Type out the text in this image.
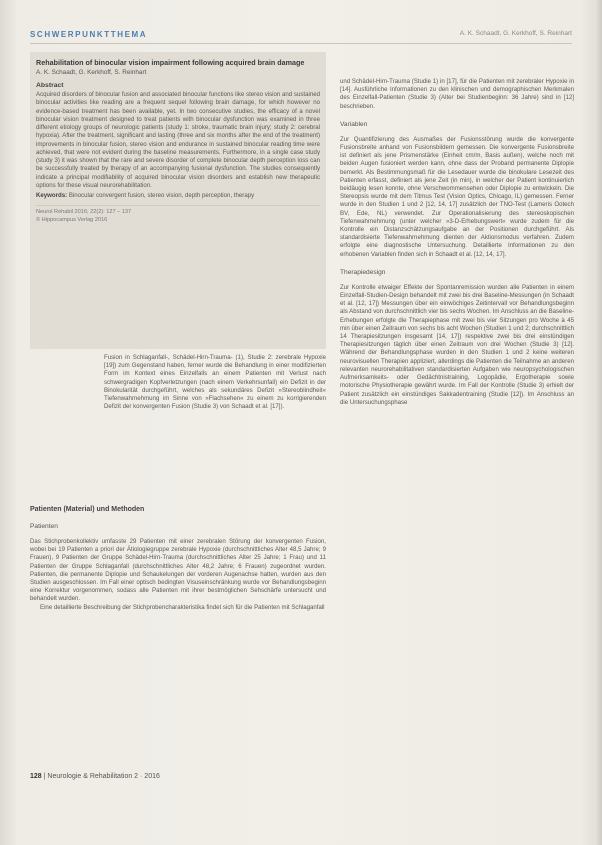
SCHWERPUNKTTHEMA	A. K. Schaadt, G. Kerkhoff, S. Reinhart
Rehabilitation of binocular vision impairment following acquired brain damage
A. K. Schaadt, G. Kerkhoff, S. Reinhart
Abstract
Acquired disorders of binocular fusion and associated binocular functions like stereo vision and sustained binocular activities like reading are a frequent sequel following brain damage, for which however no evidence-based treatment has been available, yet. In two consecutive studies, the efficacy of a novel binocular vision treatment designed to treat patients with binocular dysfunction was examined in three different etiology groups of neurologic patients (study 1: stroke, traumatic brain injury; study 2: cerebral hypoxia). After the treatment, significant and lasting (three and six months after the end of the treatment) improvements in binocular fusion, stereo vision and endurance in sustained binocular reading time were achieved, that were not evident during the baseline measurements. Furthermore, in a single case study (study 3) it was shown that the rare and severe disorder of complete binocular depth perception loss can be successfully treated by therapy of an accompanying fusional dysfunction. The studies consequently indicate a principal modifiability of acquired binocular vision disorders and establish new therapeutic options for these visual neurorehabilitation.
Keywords: Binocular convergent fusion, stereo vision, depth perception, therapy
Neurol Rehabil 2016; 22(2): 127 – 137
© Hippocampus Verlag 2016
Fusion in Schlaganfall-, Schädel-Hirn-Trauma- (1), Studie 2: zerebrale Hypoxie [19]) zum Gegenstand haben, ferner wurde die Behandlung in einer modifizierten Form im Kontext eines Einzelfalls an einem Patienten mit Verlust nach schwergradigen Kopfverletzungen (nach einem Verkehrsunfall) ein Defizit in der Binokularität durchgeführt, welches als sekundäres Defizit »Stereoblindheit« Tiefenwahrnehmung im Sinne von »Flachsehen« zu einem zu korrigierenden Defizit der konvergenten Fusion (Studie 3) von Schaadt et al. [17]).
Patienten (Material) und Methoden
Patienten
Das Stichprobenkollektiv umfasste 29 Patienten mit einer zerebralen Störung der konvergenten Fusion, wobei bei 19 Patienten a priori der Ätiologiegruppe zerebrale Hypoxie (durchschnittliches Alter 48,5 Jahre; 9 Frauen), 9 Patienten der Gruppe Schädel-Hirn-Trauma (durchschnittliches Alter 25 Jahre; 1 Frau) und 11 Patienten der Gruppe Schlaganfall (durchschnittliches Alter 48,2 Jahre; 6 Frauen) zugeordnet wurden. Patienten, die permanente Diplopie und Schaukelungen der vorderen Augenachse hatten, wurden aus den Studien ausgeschlossen. Im Fall einer optisch bedingten Visuseinschränkung wurde vor Behandlungsbeginn eine Korrektur vorgenommen, sodass alle Patienten mit ihrer bestmöglichen Sehschärfe untersucht und behandelt wurden.
Eine detaillierte Beschreibung der Stichprobencharakteristika findet sich für die Patienten mit Schlaganfall
und Schädel-Hirn-Trauma (Studie 1) in [17], für die Patienten mit zerebraler Hypoxie in [14]. Ausführliche Informationen zu den klinischen und demographischen Merkmalen des Einzelfall-Patienten (Studie 3) (Alter bei Studienbeginn: 36 Jahre) sind in [12] beschrieben.
Variablen
Zur Quantifizierung des Ausmaßes der Fusionsstörung wurde die konvergente Fusionsbreite anhand von Fusionsbildern gemessen. Die konvergente Fusionsbreite ist definiert als jene Prismenstärke (Einheit cm/m, Basis außen), welche noch mit beiden Augen fusioniert werden kann, ohne dass der Proband permanente Diplopie bemerkt. Als Bestimmungsmaß für die Lesedauer wurde die binokulare Lesezeit des Patienten erfasst, definiert als jene Zeit (in min), in welcher der Patient kontinuierlich beidäugig lesen konnte, ohne Verschwommensehen oder Diplopie zu entwickeln. Die Stereopsis wurde mit dem Titmus Test (Vision Optics, Chicago, IL) gemessen. Ferner wurde in den Studien 1 und 2 [12, 14, 17] zusätzlich der TNO-Test (Lameris Ootech BV, Ede, NL) verwendet. Zur Operationalisierung des stereoskopischen Tiefenwahrnehmung (unter welcher »3-D-Erhebungswert« wurde zudem für die Kontrolle ein Distanzschätzungsaufgabe an der Positionen durchgeführt. Als standardisierte Tiefenwahrnehmung dienten der Aktionsmodus verfahren. Zudem erfolgte eine diagnostische Untersuchung. Detaillierte Informationen zu den erhobenen Variablen finden sich in Schaadt et al. [12, 14, 17].
Therapiedesign
Zur Kontrolle etwaiger Effekte der Spontanremission wurden alle Patienten in einem Einzelfall-Studien-Design behandelt mit zwei bis drei Baseline-Messungen (in Schaadt et al. [12, 17]) Messungen über ein einwöchiges Zeitintervall vor Behandlungsbeginn als Abstand von durchschnittlich vier bis sechs Wochen. Im Anschluss an die Baseline-Erhebungen erfolgte die Therapiephase mit zwei bis vier Sitzungen pro Woche à 45 min über einen Zeitraum von sechs bis acht Wochen (Studien 1 und 2; durchschnittlich 14 Therapiesitzungen insgesamt [14, 17]) respektive zwei bis drei einstündigen Therapiesitzungen täglich über einen Zeitraum von drei Wochen (Studie 3) [12]. Während der Behandlungsphase wurden in den Studien 1 und 2 keine weiteren neurovisuellen Therapien appliziert, allerdings die Patienten die Teilnahme an anderen relevanten neurorehabilitativen standardisierten Aufgaben wie neuropsychologischen Aufmerksamkeits- oder Gedächtnistraining, Logopädie, Ergotherapie sowie motorische Physiotherapie gewährt wurde. Im Fall der Kontrolle (Studie 3) erhielt der Patient zusätzlich ein einstündiges Sakkadentraining (Studie [12]). Im Anschluss an die Untersuchungsphase
128 | Neurologie & Rehabilitation 2 · 2016
